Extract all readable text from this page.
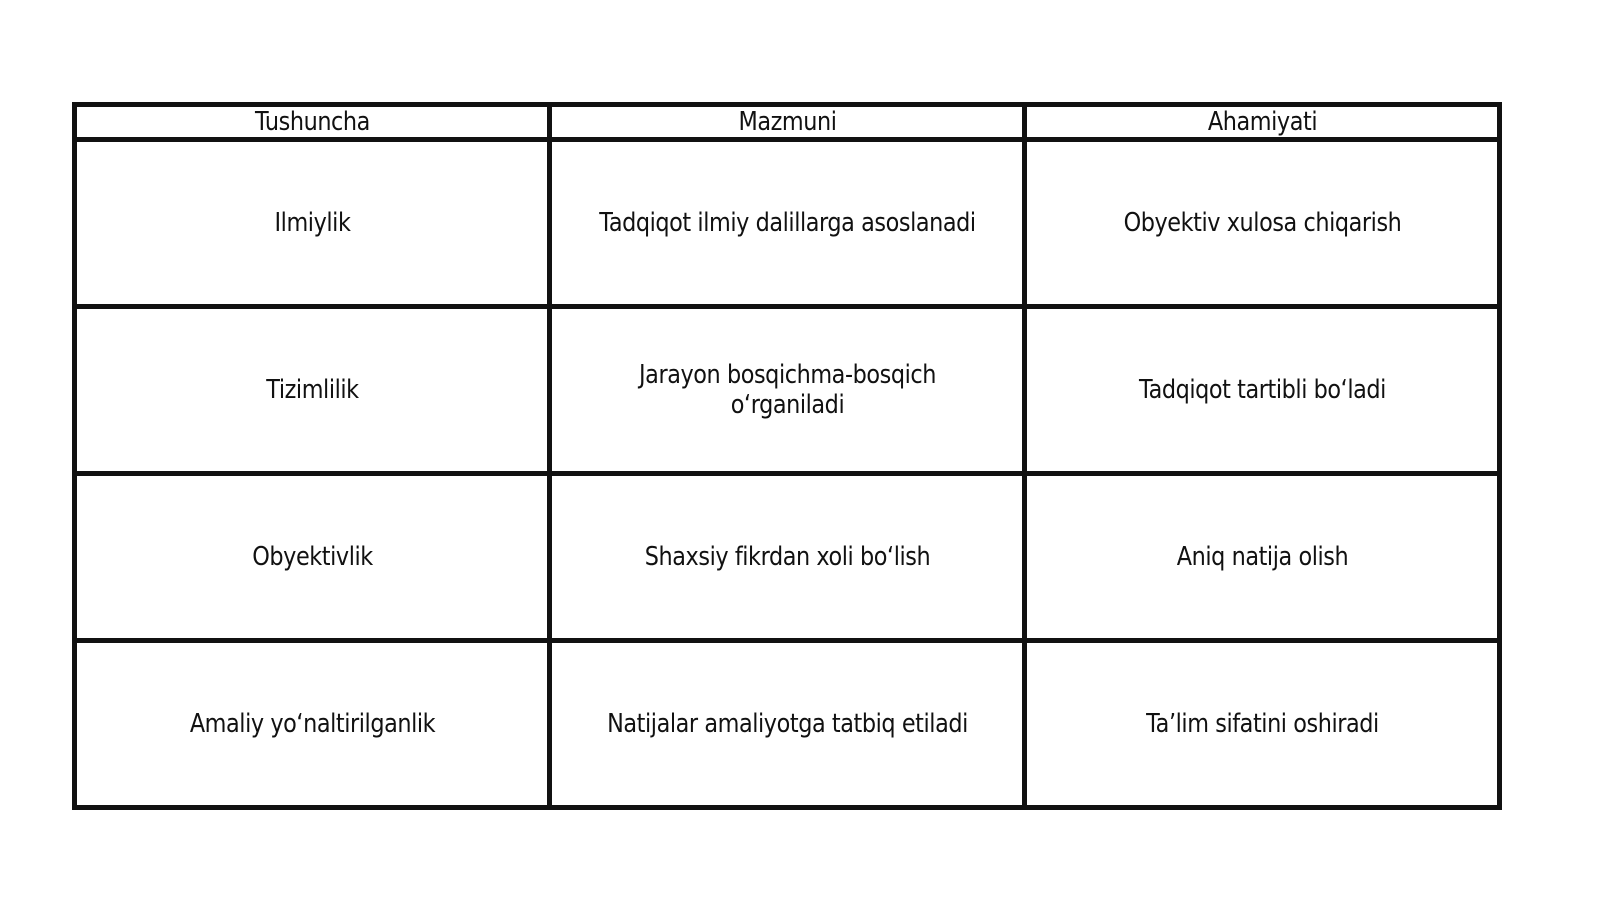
Tushuncha	Mazmuni	Ahamiyati
Ilmiylik	Tadqiqot ilmiy dalillarga asoslanadi	Obyektiv xulosa chiqarish
Tizimlilik	Jarayon bosqichma-bosqich o‘rganiladi	Tadqiqot tartibli bo‘ladi
Obyektivlik	Shaxsiy fikrdan xoli bo‘lish	Aniq natija olish
Amaliy yo‘naltirilganlik	Natijalar amaliyotga tatbiq etiladi	Ta’lim sifatini oshiradi
